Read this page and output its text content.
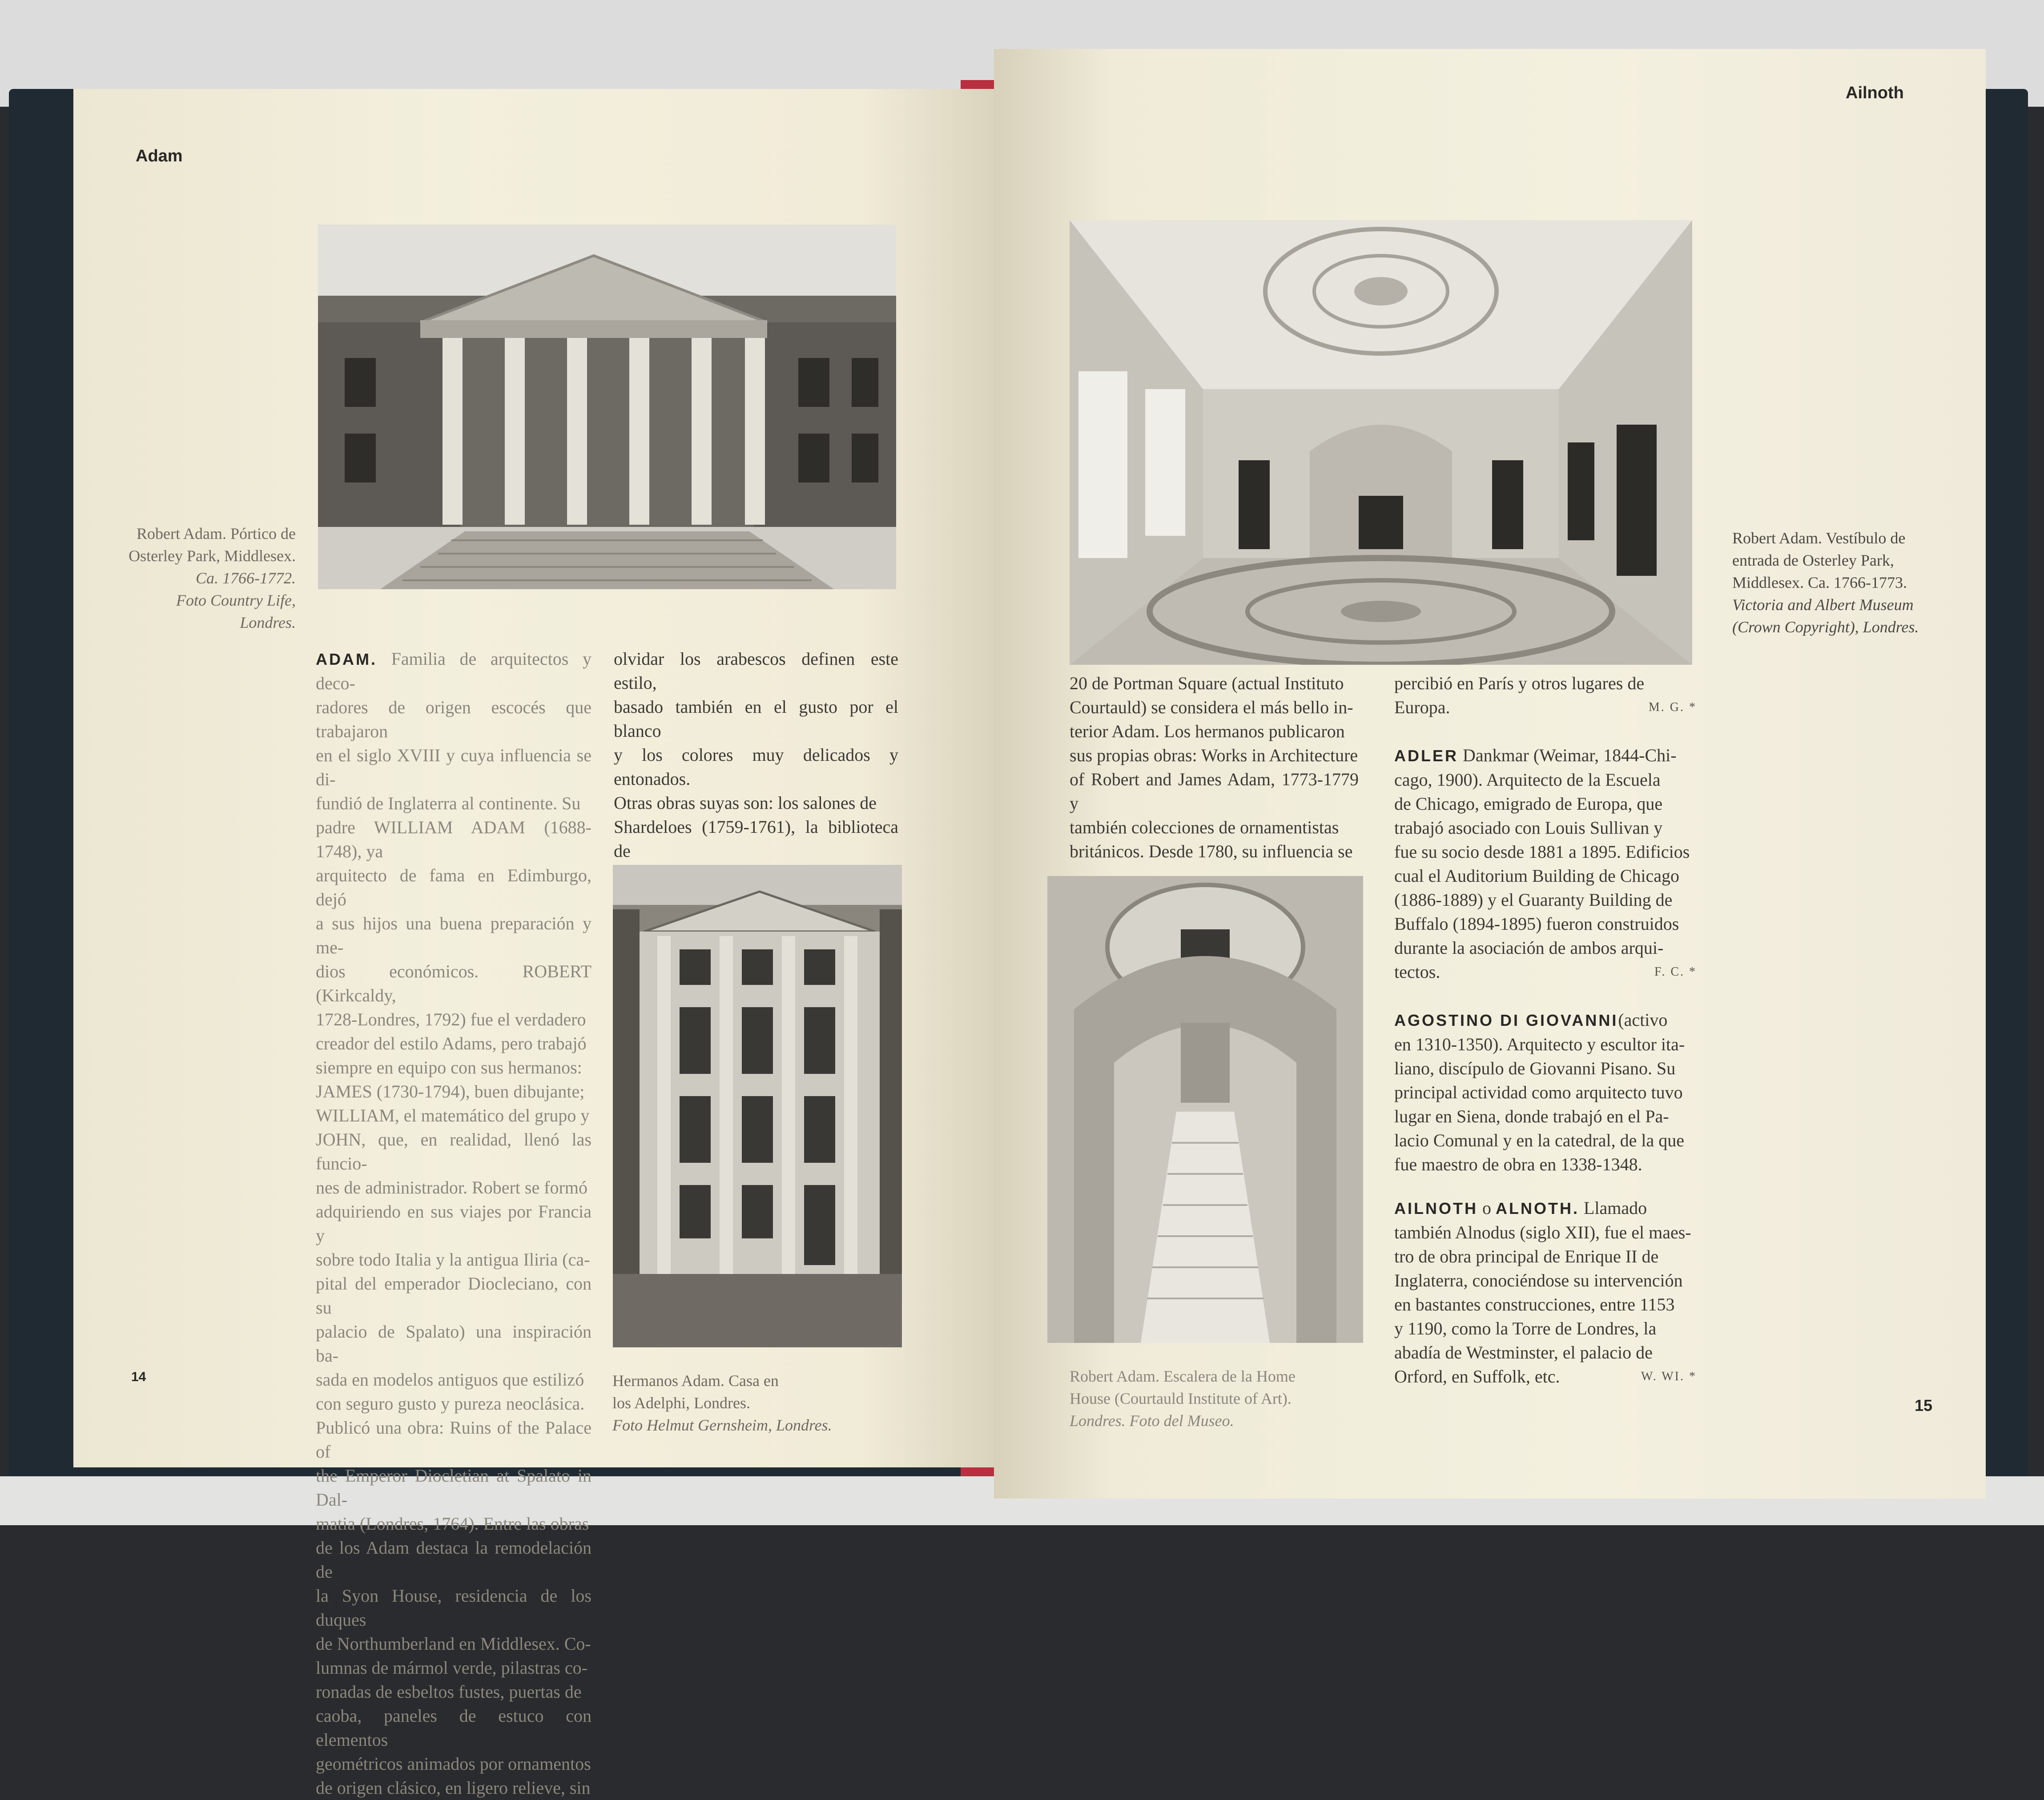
Adam
Robert Adam. Pórtico de
Osterley Park, Middlesex.
Ca. 1766-1772.
Foto Country Life, Londres.
ADAM. Familia de arquitectos y deco-
radores de origen escocés que trabajaron
en el siglo XVIII y cuya influencia se di-
fundió de Inglaterra al continente. Su
padre WILLIAM ADAM (1688-1748), ya
arquitecto de fama en Edimburgo, dejó
a sus hijos una buena preparación y me-
dios económicos. ROBERT (Kirkcaldy,
1728-Londres, 1792) fue el verdadero
creador del estilo Adams, pero trabajó
siempre en equipo con sus hermanos:
JAMES (1730-1794), buen dibujante;
WILLIAM, el matemático del grupo y
JOHN, que, en realidad, llenó las funcio-
nes de administrador. Robert se formó
adquiriendo en sus viajes por Francia y
sobre todo Italia y la antigua Iliria (ca-
pital del emperador Diocleciano, con su
palacio de Spalato) una inspiración ba-
sada en modelos antiguos que estilizó
con seguro gusto y pureza neoclásica.
Publicó una obra: Ruins of the Palace of
the Emperor Diocletian at Spalato in Dal-
matia (Londres, 1764). Entre las obras
de los Adam destaca la remodelación de
la Syon House, residencia de los duques
de Northumberland en Middlesex. Co-
lumnas de mármol verde, pilastras co-
ronadas de esbeltos fustes, puertas de
caoba, paneles de estuco con elementos
geométricos animados por ornamentos
de origen clásico, en ligero relieve, sin
olvidar los arabescos definen este estilo,
basado también en el gusto por el blanco
y los colores muy delicados y entonados.
Otras obras suyas son: los salones de
Shardeloes (1759-1761), la biblioteca de
Hermanos Adam. Casa en
los Adelphi, Londres.
Foto Helmut Gernsheim, Londres.
14
Ailnoth
Robert Adam. Vestíbulo de
entrada de Osterley Park,
Middlesex. Ca. 1766-1773.
Victoria and Albert Museum
(Crown Copyright), Londres.
20 de Portman Square (actual Instituto
Courtauld) se considera el más bello in-
terior Adam. Los hermanos publicaron
sus propias obras: Works in Architecture
of Robert and James Adam, 1773-1779 y
también colecciones de ornamentistas
británicos. Desde 1780, su influencia se
Robert Adam. Escalera de la Home
House (Courtauld Institute of Art).
Londres. Foto del Museo.
percibió en París y otros lugares de
Europa.	M. G. *
ADLER Dankmar (Weimar, 1844-Chi-
cago, 1900). Arquitecto de la Escuela
de Chicago, emigrado de Europa, que
trabajó asociado con Louis Sullivan y
fue su socio desde 1881 a 1895. Edificios
cual el Auditorium Building de Chicago
(1886-1889) y el Guaranty Building de
Buffalo (1894-1895) fueron construidos
durante la asociación de ambos arqui-
tectos.	F. C. *
AGOSTINO DI GIOVANNI(activo
en 1310-1350). Arquitecto y escultor ita-
liano, discípulo de Giovanni Pisano. Su
principal actividad como arquitecto tuvo
lugar en Siena, donde trabajó en el Pa-
lacio Comunal y en la catedral, de la que
fue maestro de obra en 1338-1348.
AILNOTH o ALNOTH. Llamado
también Alnodus (siglo XII), fue el maes-
tro de obra principal de Enrique II de
Inglaterra, conociéndose su intervención
en bastantes construcciones, entre 1153
y 1190, como la Torre de Londres, la
abadía de Westminster, el palacio de
Orford, en Suffolk, etc.	W. WI. *
15
